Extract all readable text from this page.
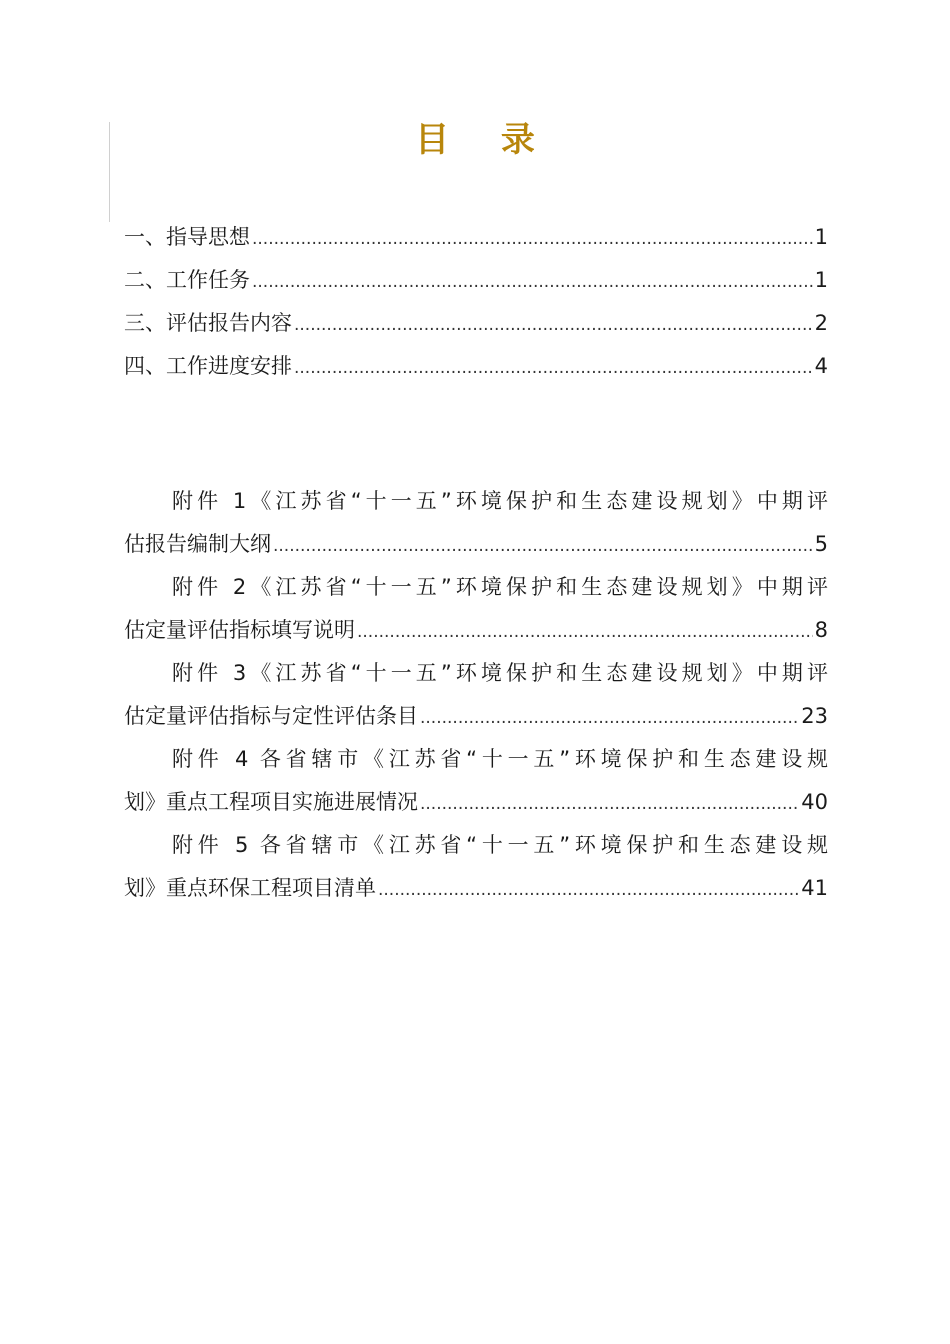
目 录
一、指导思想 .....	1
二、工作任务 .....	1
三、评估报告内容 .....	2
四、工作进度安排 .....	4
附件 1《江苏省“十一五”环境保护和生态建设规划》中期评
估报告编制大纲 .....	5
附件 2《江苏省“十一五”环境保护和生态建设规划》中期评
估定量评估指标填写说明 .....	8
附件 3《江苏省“十一五”环境保护和生态建设规划》中期评
估定量评估指标与定性评估条目 .....	23
附件 4 各省辖市《江苏省“十一五”环境保护和生态建设规
划》重点工程项目实施进展情况 .....	40
附件 5 各省辖市《江苏省“十一五”环境保护和生态建设规
划》重点环保工程项目清单 .....	41
